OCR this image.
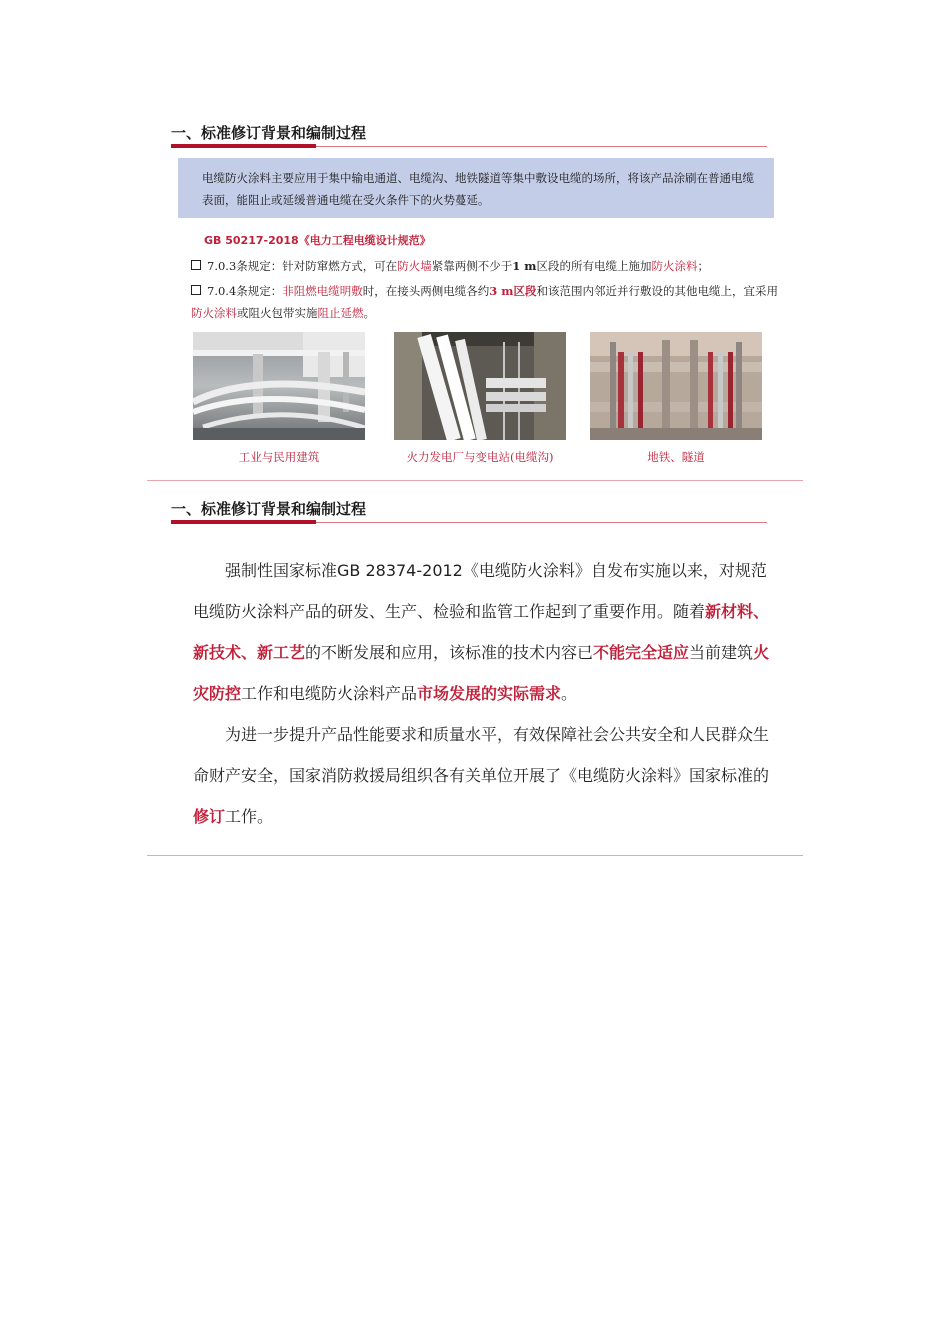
一、标准修订背景和编制过程
电缆防火涂料主要应用于集中输电通道、电缆沟、地铁隧道等集中敷设电缆的场所，将该产品涂刷在普通电缆表面，能阻止或延缓普通电缆在受火条件下的火势蔓延。
GB 50217-2018《电力工程电缆设计规范》
7.0.3条规定：针对防窜燃方式，可在防火墙紧靠两侧不少于1 m区段的所有电缆上施加防火涂料；
7.0.4条规定：非阻燃电缆明敷时，在接头两侧电缆各约3 m区段和该范围内邻近并行敷设的其他电缆上，宜采用防火涂料或阻火包带实施阻止延燃。
工业与民用建筑	火力发电厂与变电站(电缆沟)	地铁、隧道
一、标准修订背景和编制过程
强制性国家标准GB 28374-2012《电缆防火涂料》自发布实施以来，对规范电缆防火涂料产品的研发、生产、检验和监管工作起到了重要作用。随着新材料、新技术、新工艺的不断发展和应用，该标准的技术内容已不能完全适应当前建筑火灾防控工作和电缆防火涂料产品市场发展的实际需求。
为进一步提升产品性能要求和质量水平，有效保障社会公共安全和人民群众生命财产安全，国家消防救援局组织各有关单位开展了《电缆防火涂料》国家标准的修订工作。
